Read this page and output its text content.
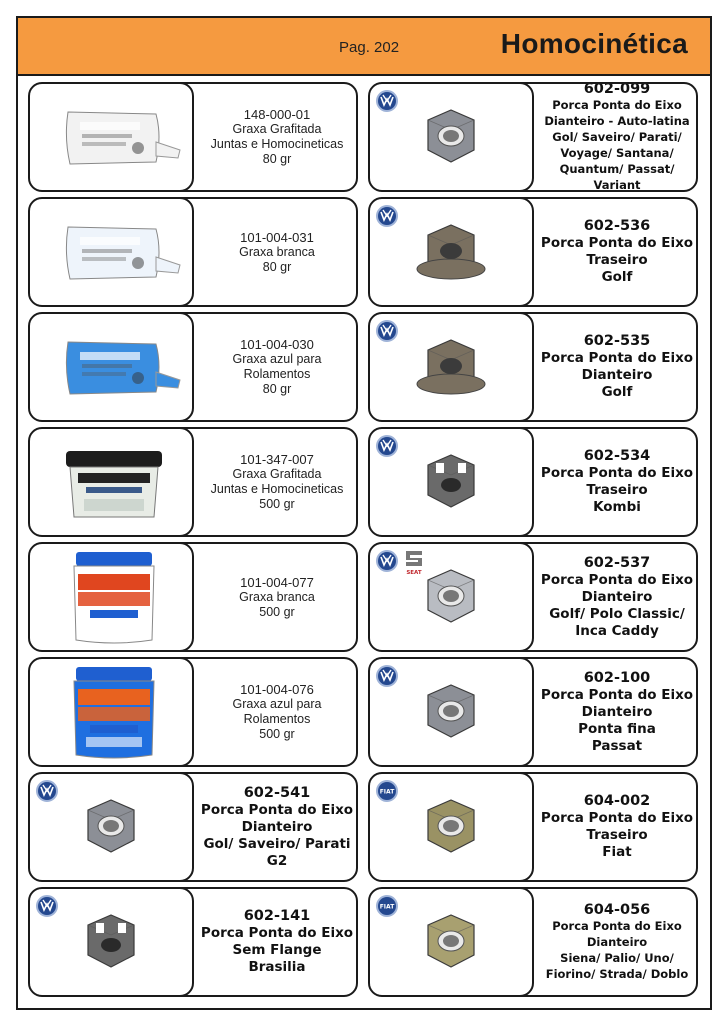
Pag. 202	Homocinética
148-000-01
Graxa Grafitada
Juntas e Homocineticas
80 gr
101-004-031
Graxa branca
80 gr
101-004-030
Graxa azul para
Rolamentos
80 gr
101-347-007
Graxa Grafitada
Juntas e Homocineticas
500 gr
101-004-077
Graxa branca
500 gr
101-004-076
Graxa azul para
Rolamentos
500 gr
602-541
Porca Ponta do Eixo
Dianteiro
Gol/ Saveiro/ Parati
G2
602-141
Porca Ponta do Eixo
Sem Flange
Brasilia
602-099
Porca Ponta do Eixo
Dianteiro - Auto-latina
Gol/ Saveiro/ Parati/
Voyage/ Santana/
Quantum/ Passat/ Variant
602-536
Porca Ponta do Eixo
Traseiro
Golf
602-535
Porca Ponta do Eixo
Dianteiro
Golf
602-534
Porca Ponta do Eixo
Traseiro
Kombi
SEAT
602-537
Porca Ponta do Eixo
Dianteiro
Golf/ Polo Classic/
Inca Caddy
602-100
Porca Ponta do Eixo
Dianteiro
Ponta fina
Passat
FIAT
604-002
Porca Ponta do Eixo
Traseiro
Fiat
FIAT	604-056
Porca Ponta do Eixo
Dianteiro
Siena/ Palio/ Uno/
Fiorino/ Strada/ Doblo
